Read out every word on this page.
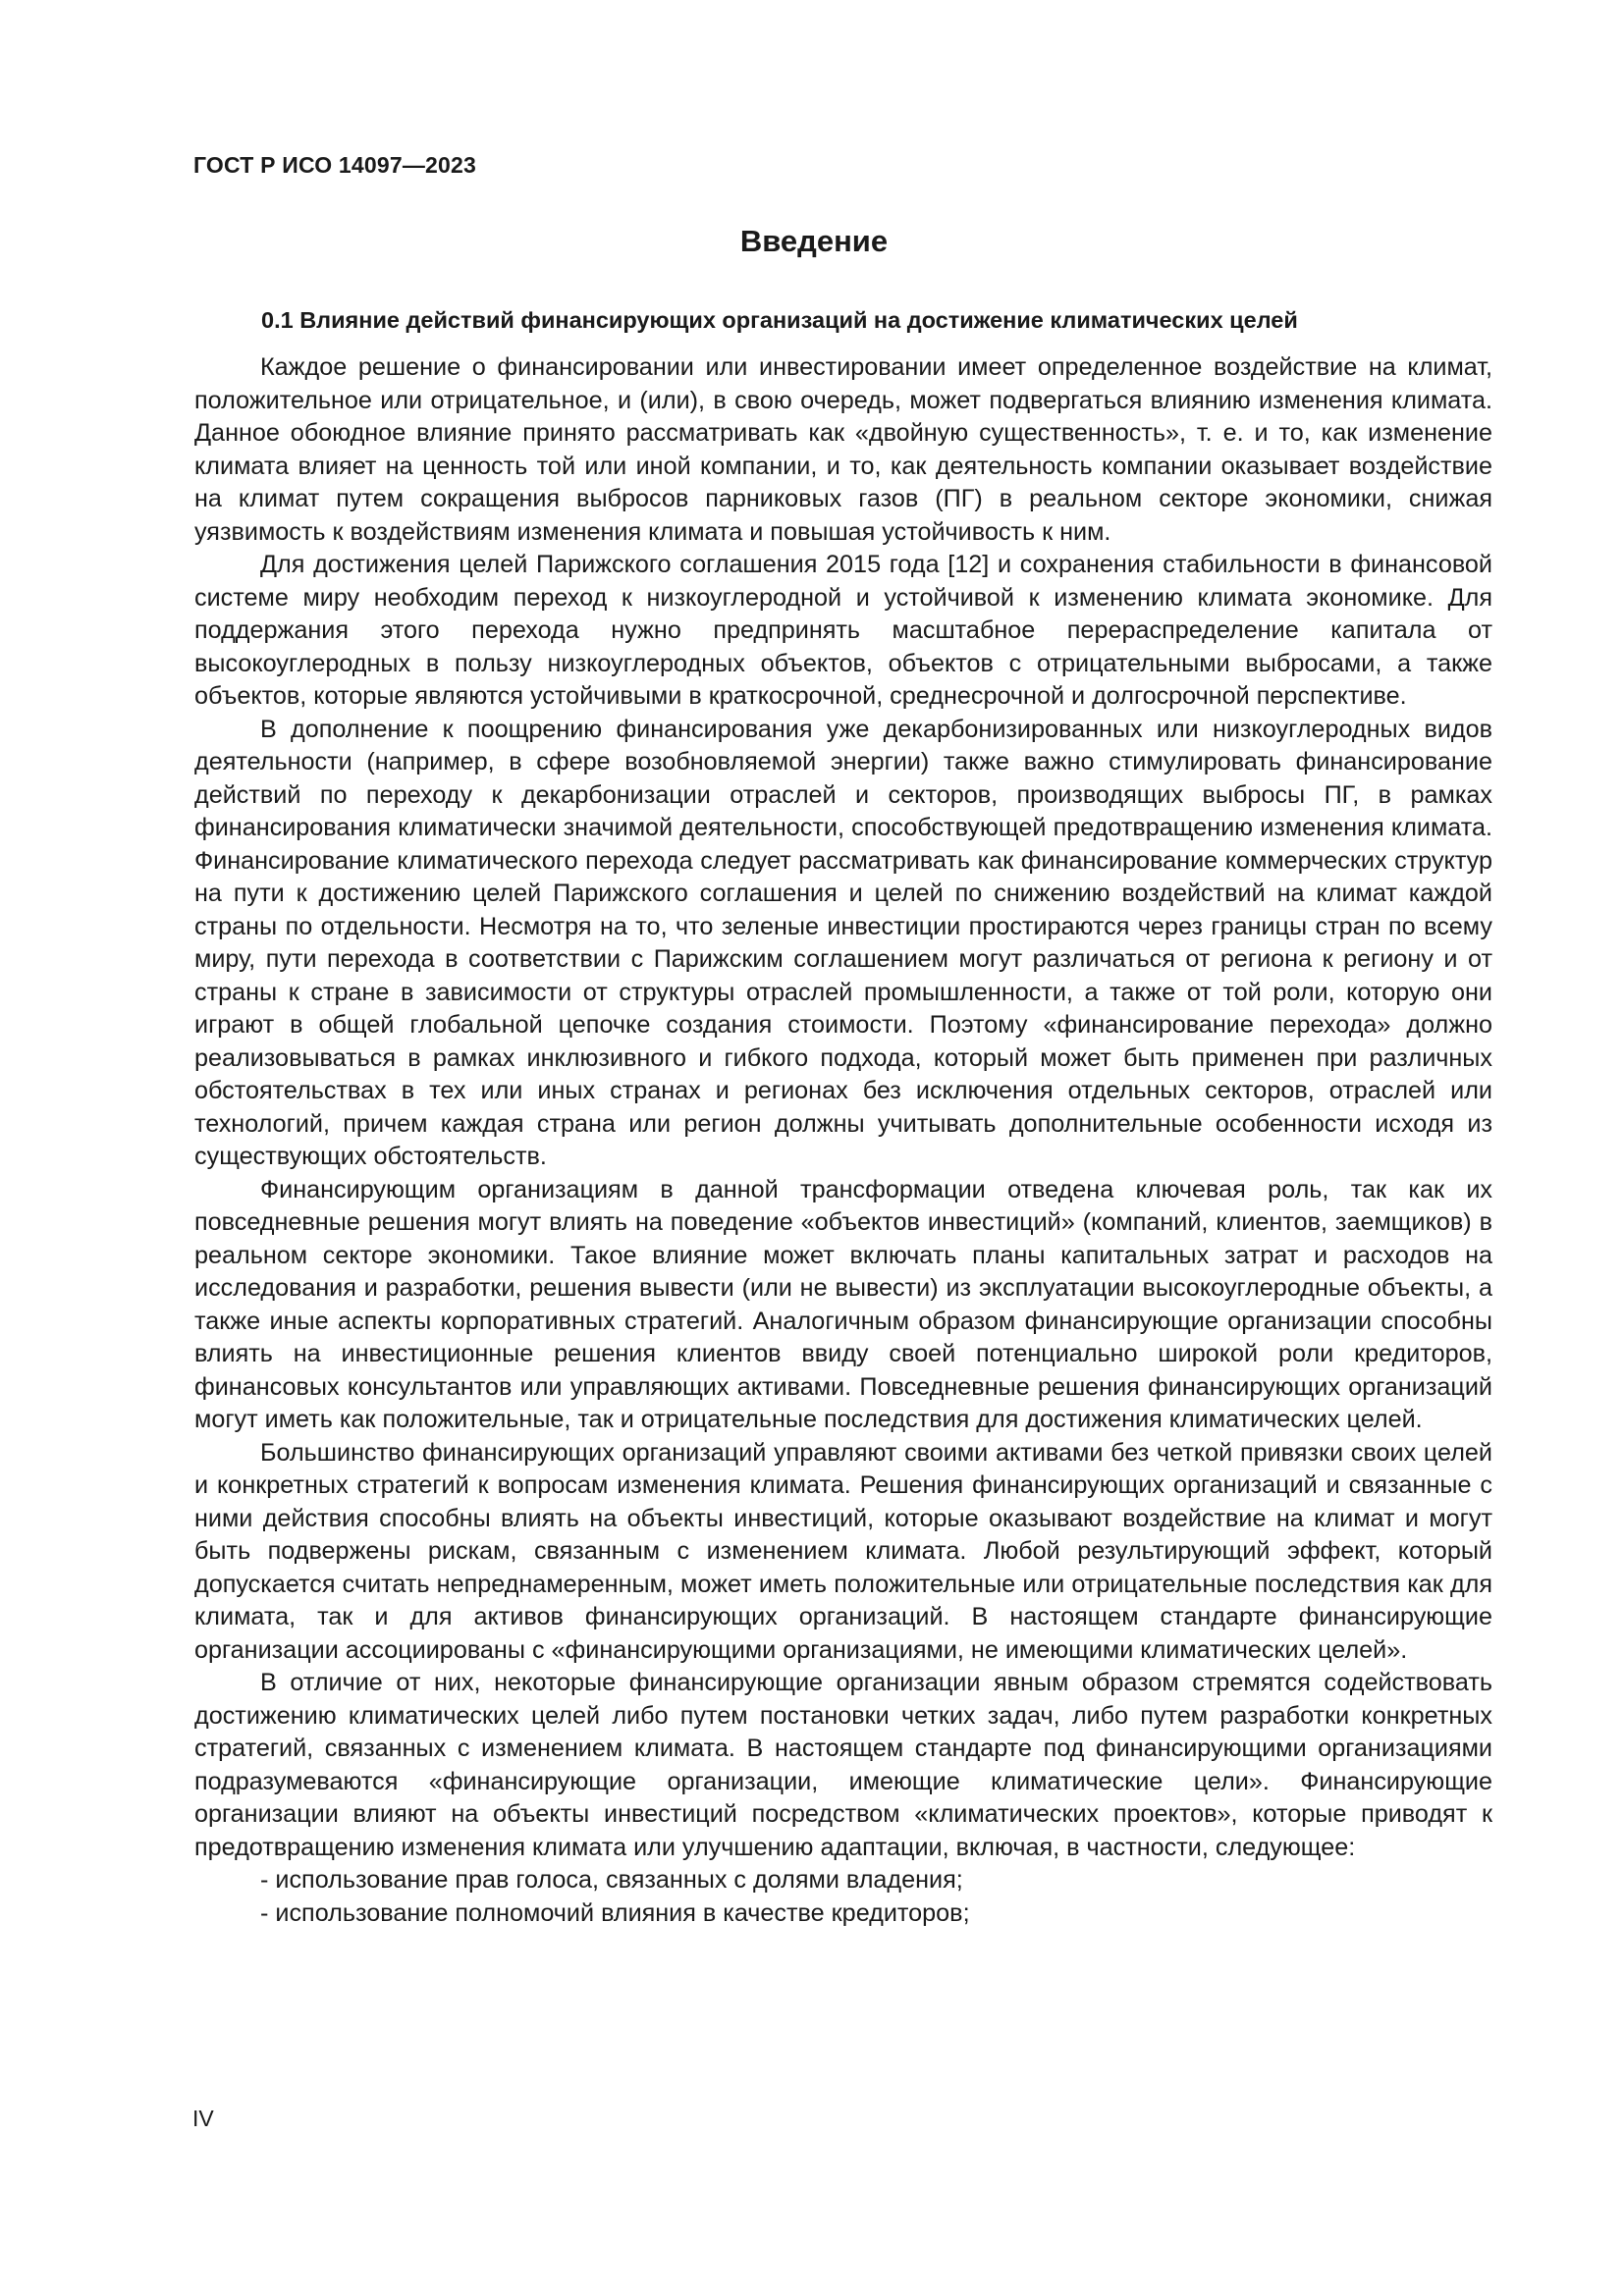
ГОСТ Р ИСО 14097—2023
Введение
0.1 Влияние действий финансирующих организаций на достижение климатических целей

Каждое решение о финансировании или инвестировании имеет определенное воздействие на климат, положительное или отрицательное, и (или), в свою очередь, может подвергаться влиянию изменения климата. Данное обоюдное влияние принято рассматривать как «двойную существенность», т. е. и то, как изменение климата влияет на ценность той или иной компании, и то, как деятельность компании оказывает воздействие на климат путем сокращения выбросов парниковых газов (ПГ) в реальном секторе экономики, снижая уязвимость к воздействиям изменения климата и повышая устойчивость к ним.

Для достижения целей Парижского соглашения 2015 года [12] и сохранения стабильности в финансовой системе миру необходим переход к низкоуглеродной и устойчивой к изменению климата экономике. Для поддержания этого перехода нужно предпринять масштабное перераспределение капитала от высокоуглеродных в пользу низкоуглеродных объектов, объектов с отрицательными выбросами, а также объектов, которые являются устойчивыми в краткосрочной, среднесрочной и долгосрочной перспективе.

В дополнение к поощрению финансирования уже декарбонизированных или низкоуглеродных видов деятельности (например, в сфере возобновляемой энергии) также важно стимулировать финансирование действий по переходу к декарбонизации отраслей и секторов, производящих выбросы ПГ, в рамках финансирования климатически значимой деятельности, способствующей предотвращению изменения климата. Финансирование климатического перехода следует рассматривать как финансирование коммерческих структур на пути к достижению целей Парижского соглашения и целей по снижению воздействий на климат каждой страны по отдельности. Несмотря на то, что зеленые инвестиции простираются через границы стран по всему миру, пути перехода в соответствии с Парижским соглашением могут различаться от региона к региону и от страны к стране в зависимости от структуры отраслей промышленности, а также от той роли, которую они играют в общей глобальной цепочке создания стоимости. Поэтому «финансирование перехода» должно реализовываться в рамках инклюзивного и гибкого подхода, который может быть применен при различных обстоятельствах в тех или иных странах и регионах без исключения отдельных секторов, отраслей или технологий, причем каждая страна или регион должны учитывать дополнительные особенности исходя из существующих обстоятельств.

Финансирующим организациям в данной трансформации отведена ключевая роль, так как их повседневные решения могут влиять на поведение «объектов инвестиций» (компаний, клиентов, заемщиков) в реальном секторе экономики. Такое влияние может включать планы капитальных затрат и расходов на исследования и разработки, решения вывести (или не вывести) из эксплуатации высокоуглеродные объекты, а также иные аспекты корпоративных стратегий. Аналогичным образом финансирующие организации способны влиять на инвестиционные решения клиентов ввиду своей потенциально широкой роли кредиторов, финансовых консультантов или управляющих активами. Повседневные решения финансирующих организаций могут иметь как положительные, так и отрицательные последствия для достижения климатических целей.

Большинство финансирующих организаций управляют своими активами без четкой привязки своих целей и конкретных стратегий к вопросам изменения климата. Решения финансирующих организаций и связанные с ними действия способны влиять на объекты инвестиций, которые оказывают воздействие на климат и могут быть подвержены рискам, связанным с изменением климата. Любой результирующий эффект, который допускается считать непреднамеренным, может иметь положительные или отрицательные последствия как для климата, так и для активов финансирующих организаций. В настоящем стандарте финансирующие организации ассоциированы с «финансирующими организациями, не имеющими климатических целей».

В отличие от них, некоторые финансирующие организации явным образом стремятся содействовать достижению климатических целей либо путем постановки четких задач, либо путем разработки конкретных стратегий, связанных с изменением климата. В настоящем стандарте под финансирующими организациями подразумеваются «финансирующие организации, имеющие климатические цели». Финансирующие организации влияют на объекты инвестиций посредством «климатических проектов», которые приводят к предотвращению изменения климата или улучшению адаптации, включая, в частности, следующее:

- использование прав голоса, связанных с долями владения;

- использование полномочий влияния в качестве кредиторов;

IV
